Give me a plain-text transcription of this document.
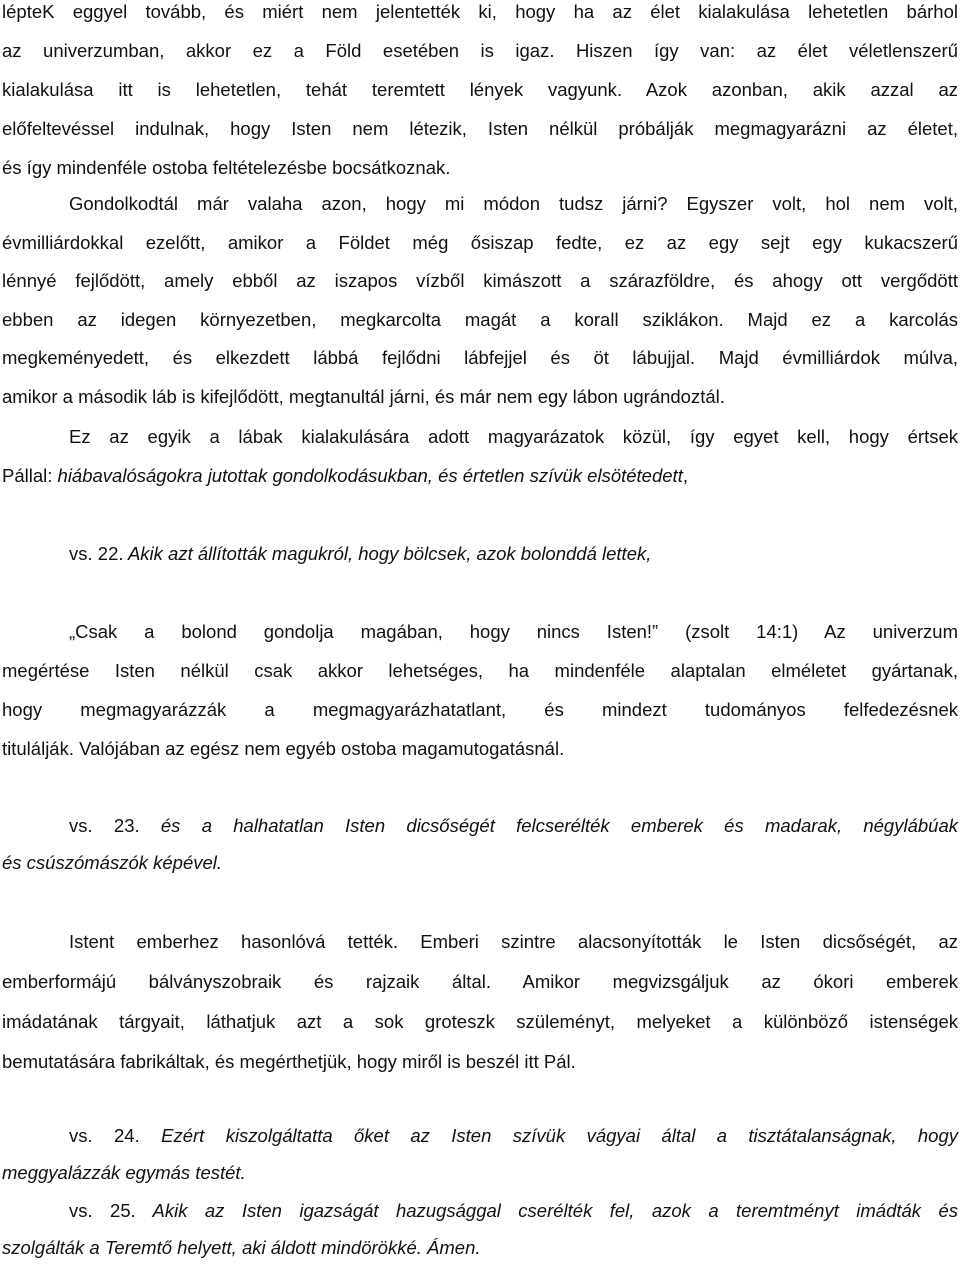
lépteK eggyel tovább, és miért nem jelentették ki, hogy ha az élet kialakulása lehetetlen bárhol
az univerzumban, akkor ez a Föld esetében is igaz. Hiszen így van: az élet véletlenszerű
kialakulása itt is lehetetlen, tehát teremtett lények vagyunk. Azok azonban, akik azzal az
előfeltevéssel indulnak, hogy Isten nem létezik, Isten nélkül próbálják megmagyarázni az életet,
és így mindenféle ostoba feltételezésbe bocsátkoznak.
Gondolkodtál már valaha azon, hogy mi módon tudsz járni? Egyszer volt, hol nem volt,
évmilliárdokkal ezelőtt, amikor a Földet még ősiszap fedte, ez az egy sejt egy kukacszerű
lénnyé fejlődött, amely ebből az iszapos vízből kimászott a szárazföldre, és ahogy ott vergődött
ebben az idegen környezetben, megkarcolta magát a korall sziklákon. Majd ez a karcolás
megkeményedett, és elkezdett lábbá fejlődni lábfejjel és öt lábujjal. Majd évmilliárdok múlva,
amikor a második láb is kifejlődött, megtanultál járni, és már nem egy lábon ugrándoztál.
Ez az egyik a lábak kialakulására adott magyarázatok közül, így egyet kell, hogy értsek
Pállal: hiábavalóságokra jutottak gondolkodásukban, és értetlen szívük elsötétedett,
vs. 22. Akik azt állították magukról, hogy bölcsek, azok bolonddá lettek,
„Csak a bolond gondolja magában, hogy nincs Isten!” (zsolt 14:1) Az univerzum
megértése Isten nélkül csak akkor lehetséges, ha mindenféle alaptalan elméletet gyártanak,
hogy megmagyarázzák a megmagyarázhatatlant, és mindezt tudományos felfedezésnek
titulálják. Valójában az egész nem egyéb ostoba magamutogatásnál.
vs. 23. és a halhatatlan Isten dicsőségét felcserélték emberek és madarak, négylábúak
és csúszómászók képével.
Istent emberhez hasonlóvá tették. Emberi szintre alacsonyították le Isten dicsőségét, az
emberformájú bálványszobraik és rajzaik által. Amikor megvizsgáljuk az ókori emberek
imádatának tárgyait, láthatjuk azt a sok groteszk szüleményt, melyeket a különböző istenségek
bemutatására fabrikáltak, és megérthetjük, hogy miről is beszél itt Pál.
vs. 24. Ezért kiszolgáltatta őket az Isten szívük vágyai által a tisztátalanságnak, hogy
meggyalázzák egymás testét.
vs. 25. Akik az Isten igazságát hazugsággal cserélték fel, azok a teremtményt imádták és
szolgálták a Teremtő helyett, aki áldott mindörökké. Ámen.
